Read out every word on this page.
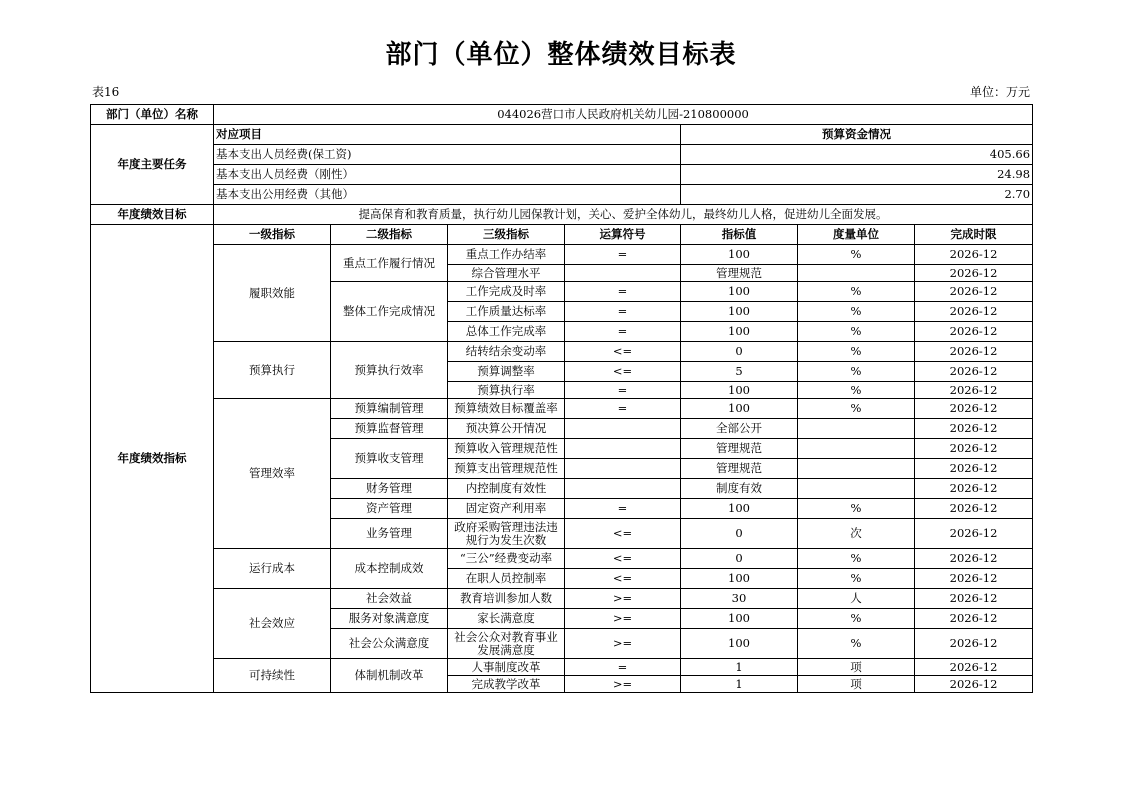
部门（单位）整体绩效目标表
表16	单位：万元
部门（单位）名称	044026营口市人民政府机关幼儿园-210800000						
年度主要任务	对应项目				预算资金情况		
	基本支出人员经费(保工资)				405.66		
	基本支出人员经费（刚性）				24.98		
	基本支出公用经费（其他）				2.70		
年度绩效目标	提高保育和教育质量，执行幼儿园保教计划，关心、爱护全体幼儿，最终幼儿人格，促进幼儿全面发展。						
年度绩效指标	一级指标	二级指标	三级指标	运算符号	指标值	度量单位	完成时限
	履职效能	重点工作履行情况	重点工作办结率	=	100	%	2026-12
			综合管理水平		管理规范		2026-12
		整体工作完成情况	工作完成及时率	=	100	%	2026-12
			工作质量达标率	=	100	%	2026-12
			总体工作完成率	=	100	%	2026-12
	预算执行	预算执行效率	结转结余变动率	<=	0	%	2026-12
			预算调整率	<=	5	%	2026-12
			预算执行率	=	100	%	2026-12
	管理效率	预算编制管理	预算绩效目标覆盖率	=	100	%	2026-12
		预算监督管理	预决算公开情况		全部公开		2026-12
		预算收支管理	预算收入管理规范性		管理规范		2026-12
			预算支出管理规范性		管理规范		2026-12
		财务管理	内控制度有效性		制度有效		2026-12
		资产管理	固定资产利用率	=	100	%	2026-12
		业务管理	政府采购管理违法违规行为发生次数	<=	0	次	2026-12
	运行成本	成本控制成效	“三公”经费变动率	<=	0	%	2026-12
			在职人员控制率	<=	100	%	2026-12
	社会效应	社会效益	教育培训参加人数	>=	30	人	2026-12
		服务对象满意度	家长满意度	>=	100	%	2026-12
		社会公众满意度	社会公众对教育事业发展满意度	>=	100	%	2026-12
	可持续性	体制机制改革	人事制度改革	=	1	项	2026-12
			完成教学改革	>=	1	项	2026-12
